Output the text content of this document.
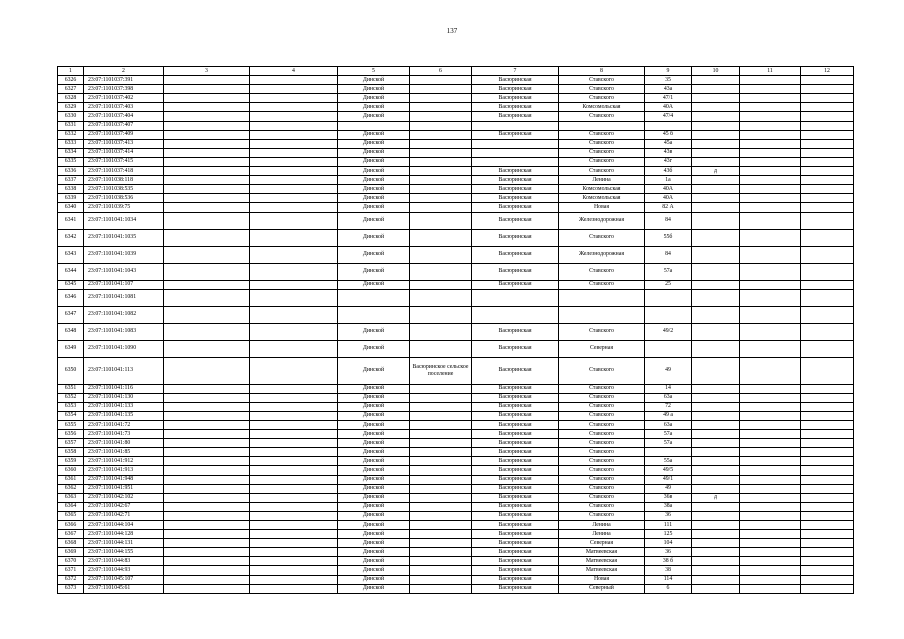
137
1	2	3	4	5	6	7	8	9	10	11	12
6326	23:07:1101037:391			Динской		Васюринская	Ставского	35			
6327	23:07:1101037:398			Динской		Васюринская	Ставского	43а			
6328	23:07:1101037:402			Динской		Васюринская	Ставского	47/1			
6329	23:07:1101037:403			Динской		Васюринская	Комсомольская	40А			
6330	23:07:1101037:404			Динской		Васюринская	Ставского	47/4			
6331	23:07:1101037:407										
6332	23:07:1101037:409			Динской		Васюринская	Ставского	45 б			
6333	23:07:1101037:413			Динской			Ставского	45а			
6334	23:07:1101037:414			Динской			Ставского	43в			
6335	23:07:1101037:415			Динской			Ставского	43г			
6336	23:07:1101037:418			Динской		Васюринская	Ставского	43б	д		
6337	23:07:1101038:118			Динской		Васюринская	Ленина	1а			
6338	23:07:1101038:535			Динской		Васюринская	Комсомольская	40А			
6339	23:07:1101038:536			Динской		Васюринская	Комсомольская	40А			
6340	23:07:1101039:75			Динской		Васюринская	Новая	82 А			
6341	23:07:1101041:1034			Динской		Васюринская	Железнодорожная	84			
6342	23:07:1101041:1035			Динской		Васюринская	Ставского	55б			
6343	23:07:1101041:1039			Динской		Васюринская	Железнодорожная	84			
6344	23:07:1101041:1043			Динской		Васюринская	Ставского	57а			
6345	23:07:1101041:107			Динской		Васюринская	Ставского	25			
6346	23:07:1101041:1081										
6347	23:07:1101041:1082										
6348	23:07:1101041:1083			Динской		Васюринская	Ставского	49/2			
6349	23:07:1101041:1090			Динской		Васюринская	Северная				
6350	23:07:1101041:113			Динской	Васюринское сельское поселение	Васюринская	Ставского	49			
6351	23:07:1101041:116			Динской		Васюринская	Ставского	14			
6352	23:07:1101041:130			Динской		Васюринская	Ставского	63а			
6353	23:07:1101041:133			Динской		Васюринская	Ставского	72			
6354	23:07:1101041:135			Динской		Васюринская	Ставского	49 а			
6355	23:07:1101041:72			Динской		Васюринская	Ставского	63а			
6356	23:07:1101041:73			Динской		Васюринская	Ставского	57а			
6357	23:07:1101041:80			Динской		Васюринская	Ставского	57а			
6358	23:07:1101041:85			Динской		Васюринская	Ставского				
6359	23:07:1101041:912			Динской		Васюринская	Ставского	55а			
6360	23:07:1101041:913			Динской		Васюринская	Ставского	49/5			
6361	23:07:1101041:948			Динской		Васюринская	Ставского	49/1			
6362	23:07:1101041:951			Динской		Васюринская	Ставского	49			
6363	23:07:1101042:102			Динской		Васюринская	Ставского	36в	д		
6364	23:07:1101042:67			Динской		Васюринская	Ставского	38а			
6365	23:07:1101042:71			Динской		Васюринская	Ставского	36			
6366	23:07:1101044:104			Динской		Васюринская	Ленина	111			
6367	23:07:1101044:128			Динской		Васюринская	Ленина	125			
6368	23:07:1101044:131			Динской		Васюринская	Северная	104			
6369	23:07:1101044:155			Динской		Васюринская	Матвеевская	36			
6370	23:07:1101044:83			Динской		Васюринская	Матвеевская	38 б			
6371	23:07:1101044:93			Динской		Васюринская	Матвеевская	38			
6372	23:07:1101045:107			Динской		Васюринская	Новая	114			
6373	23:07:1101045:61			Динской		Васюринская	Северный	6			
